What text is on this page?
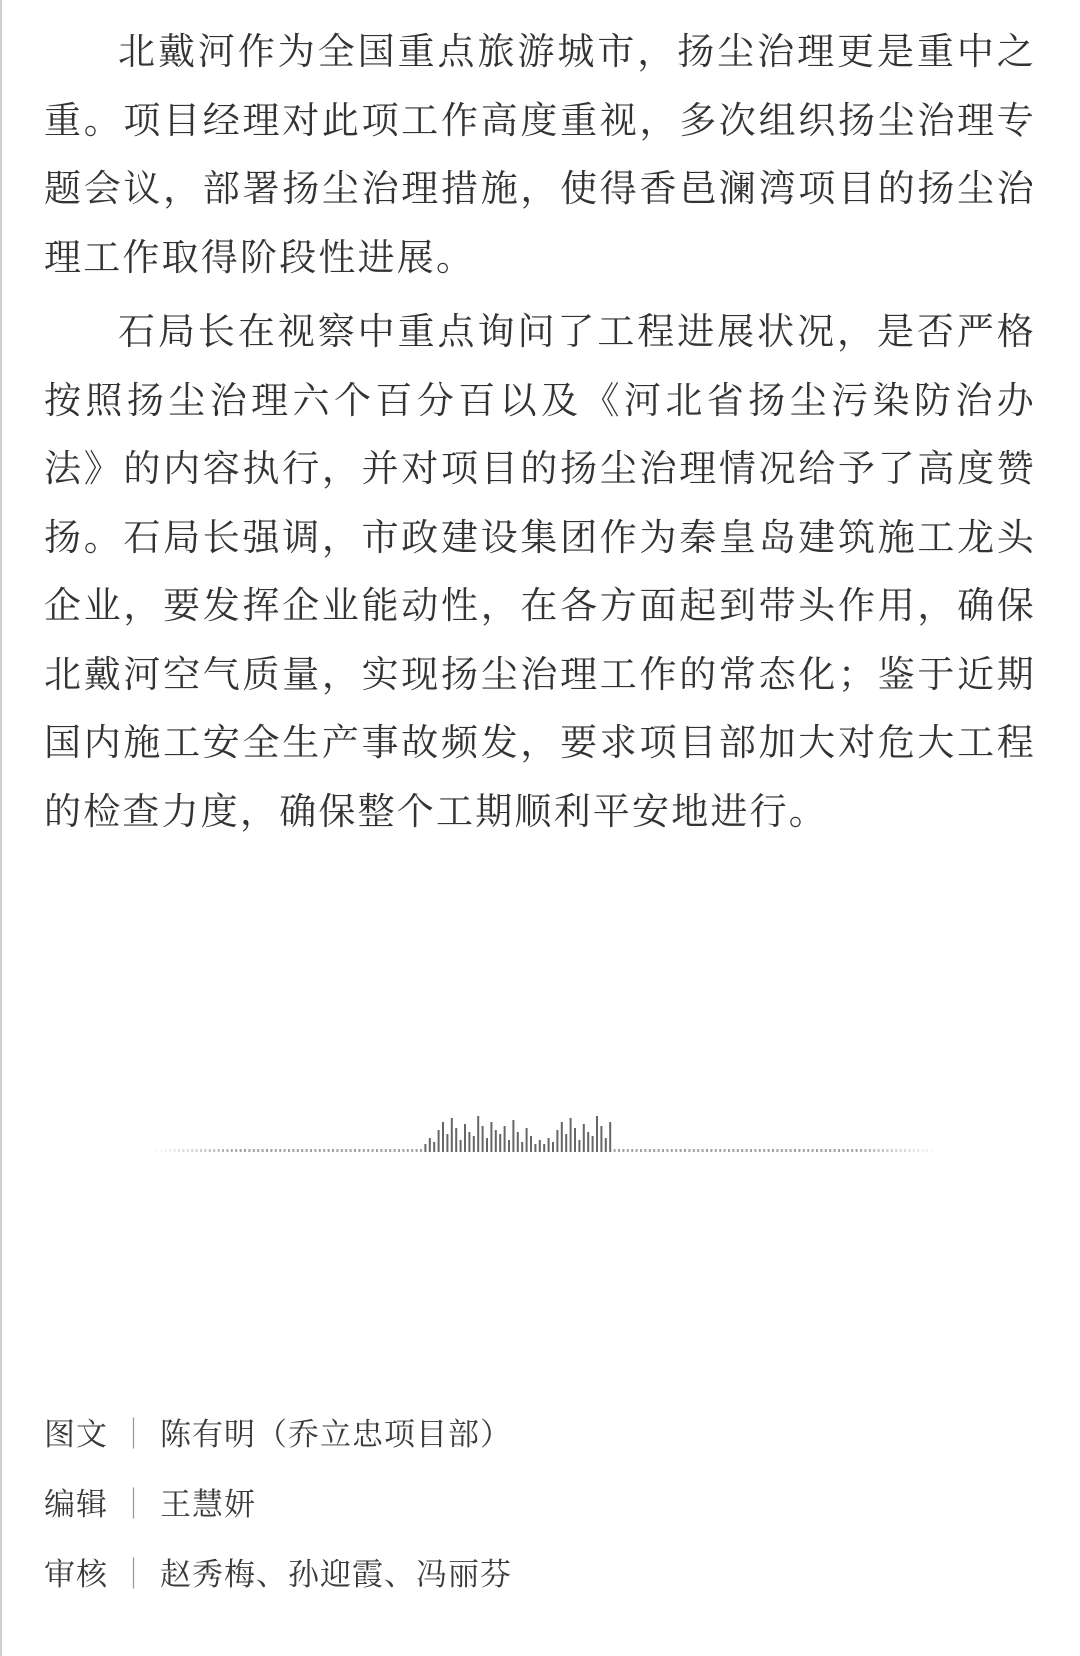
北戴河作为全国重点旅游城市，扬尘治理更是重中之重。项目经理对此项工作高度重视，多次组织扬尘治理专题会议，部署扬尘治理措施，使得香邑澜湾项目的扬尘治理工作取得阶段性进展。

石局长在视察中重点询问了工程进展状况，是否严格按照扬尘治理六个百分百以及《河北省扬尘污染防治办法》的内容执行，并对项目的扬尘治理情况给予了高度赞扬。石局长强调，市政建设集团作为秦皇岛建筑施工龙头企业，要发挥企业能动性，在各方面起到带头作用，确保北戴河空气质量，实现扬尘治理工作的常态化；鉴于近期国内施工安全生产事故频发，要求项目部加大对危大工程的检查力度，确保整个工期顺利平安地进行。

图文 ｜ 陈有明（乔立忠项目部）
编辑 ｜ 王慧妍
审核 ｜ 赵秀梅、孙迎霞、冯丽芬
